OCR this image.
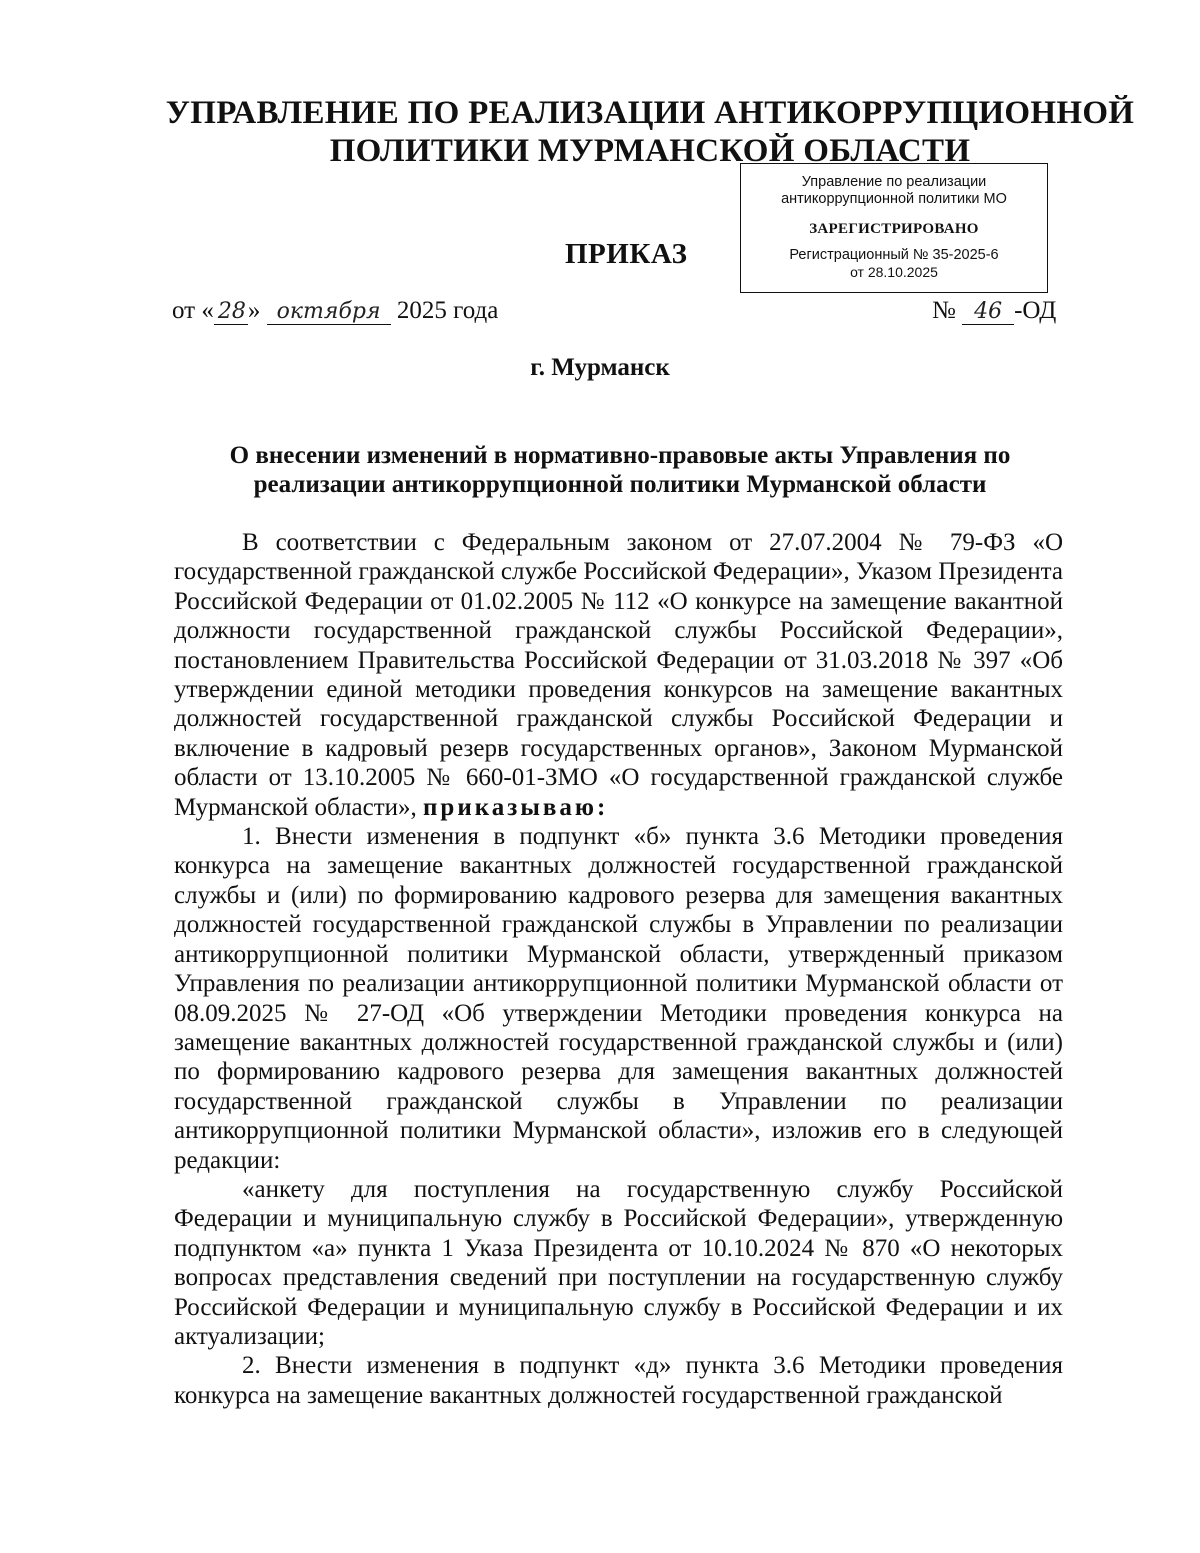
УПРАВЛЕНИЕ ПО РЕАЛИЗАЦИИ АНТИКОРРУПЦИОННОЙ
ПОЛИТИКИ МУРМАНСКОЙ ОБЛАСТИ
Управление по реализации
антикоррупционной политики МО
ЗАРЕГИСТРИРОВАНО
Регистрационный № 35-2025-6
от 28.10.2025
ПРИКАЗ
от « 28» октября 2025 года	№ 46 -ОД
г. Мурманск
О внесении изменений в нормативно-правовые акты Управления по
реализации антикоррупционной политики Мурманской области

В соответствии с Федеральным законом от 27.07.2004 № 79-ФЗ «О государственной гражданской службе Российской Федерации», Указом Президента Российской Федерации от 01.02.2005 № 112 «О конкурсе на замещение вакантной должности государственной гражданской службы Российской Федерации», постановлением Правительства Российской Федерации от 31.03.2018 № 397 «Об утверждении единой методики проведения конкурсов на замещение вакантных должностей государственной гражданской службы Российской Федерации и включение в кадровый резерв государственных органов», Законом Мурманской области от 13.10.2005 № 660-01-ЗМО «О государственной гражданской службе Мурманской области», приказываю:

1. Внести изменения в подпункт «б» пункта 3.6 Методики проведения конкурса на замещение вакантных должностей государственной гражданской службы и (или) по формированию кадрового резерва для замещения вакантных должностей государственной гражданской службы в Управлении по реализации антикоррупционной политики Мурманской области, утвержденный приказом Управления по реализации антикоррупционной политики Мурманской области от 08.09.2025 № 27-ОД «Об утверждении Методики проведения конкурса на замещение вакантных должностей государственной гражданской службы и (или) по формированию кадрового резерва для замещения вакантных должностей государственной гражданской службы в Управлении по реализации антикоррупционной политики Мурманской области», изложив его в следующей редакции:

«анкету для поступления на государственную службу Российской Федерации и муниципальную службу в Российской Федерации», утвержденную подпунктом «а» пункта 1 Указа Президента от 10.10.2024 № 870 «О некоторых вопросах представления сведений при поступлении на государственную службу Российской Федерации и муниципальную службу в Российской Федерации и их актуализации;

2. Внести изменения в подпункт «д» пункта 3.6 Методики проведения конкурса на замещение вакантных должностей государственной гражданской
